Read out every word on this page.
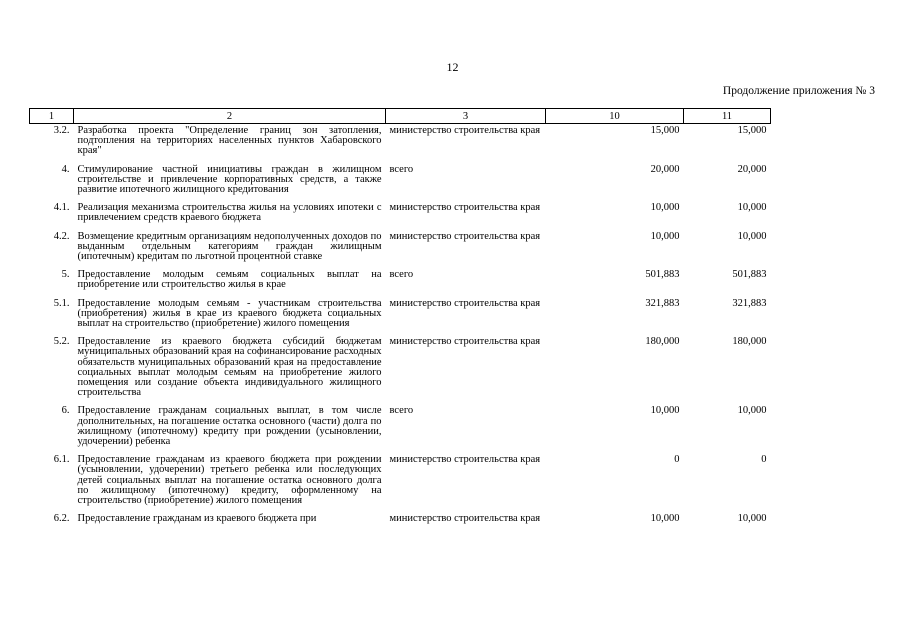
12
Продолжение приложения № 3
1	2	3	10	11
3.2.	Разработка проекта "Определение границ зон затопления, подтопления на территориях населенных пунктов Хабаровского края"	министерство строительства края	15,000	15,000
4.	Стимулирование частной инициативы граждан в жилищном строительстве и привлечение корпоративных средств, а также развитие ипотечного жилищного кредитования	всего	20,000	20,000
4.1.	Реализация механизма строительства жилья на условиях ипотеки с привлечением средств краевого бюджета	министерство строительства края	10,000	10,000
4.2.	Возмещение кредитным организациям недополученных доходов по выданным отдельным категориям граждан жилищным (ипотечным) кредитам по льготной процентной ставке	министерство строительства края	10,000	10,000
5.	Предоставление молодым семьям социальных выплат на приобретение или строительство жилья в крае	всего	501,883	501,883
5.1.	Предоставление молодым семьям - участникам строительства (приобретения) жилья в крае из краевого бюджета социальных выплат на строительство (приобретение) жилого помещения	министерство строительства края	321,883	321,883
5.2.	Предоставление из краевого бюджета субсидий бюджетам муниципальных образований края на софинансирование расходных обязательств муниципальных образований края на предоставление социальных выплат молодым семьям на приобретение жилого помещения или создание объекта индивидуального жилищного строительства	министерство строительства края	180,000	180,000
6.	Предоставление гражданам социальных выплат, в том числе дополнительных, на погашение остатка основного (части) долга по жилищному (ипотечному) кредиту при рождении (усыновлении, удочерении) ребенка	всего	10,000	10,000
6.1.	Предоставление гражданам из краевого бюджета при рождении (усыновлении, удочерении) третьего ребенка или последующих детей социальных выплат на погашение остатка основного долга по жилищному (ипотечному) кредиту, оформленному на строительство (приобретение) жилого помещения	министерство строительства края	0	0
6.2.	Предоставление гражданам из краевого бюджета при	министерство строительства края	10,000	10,000
